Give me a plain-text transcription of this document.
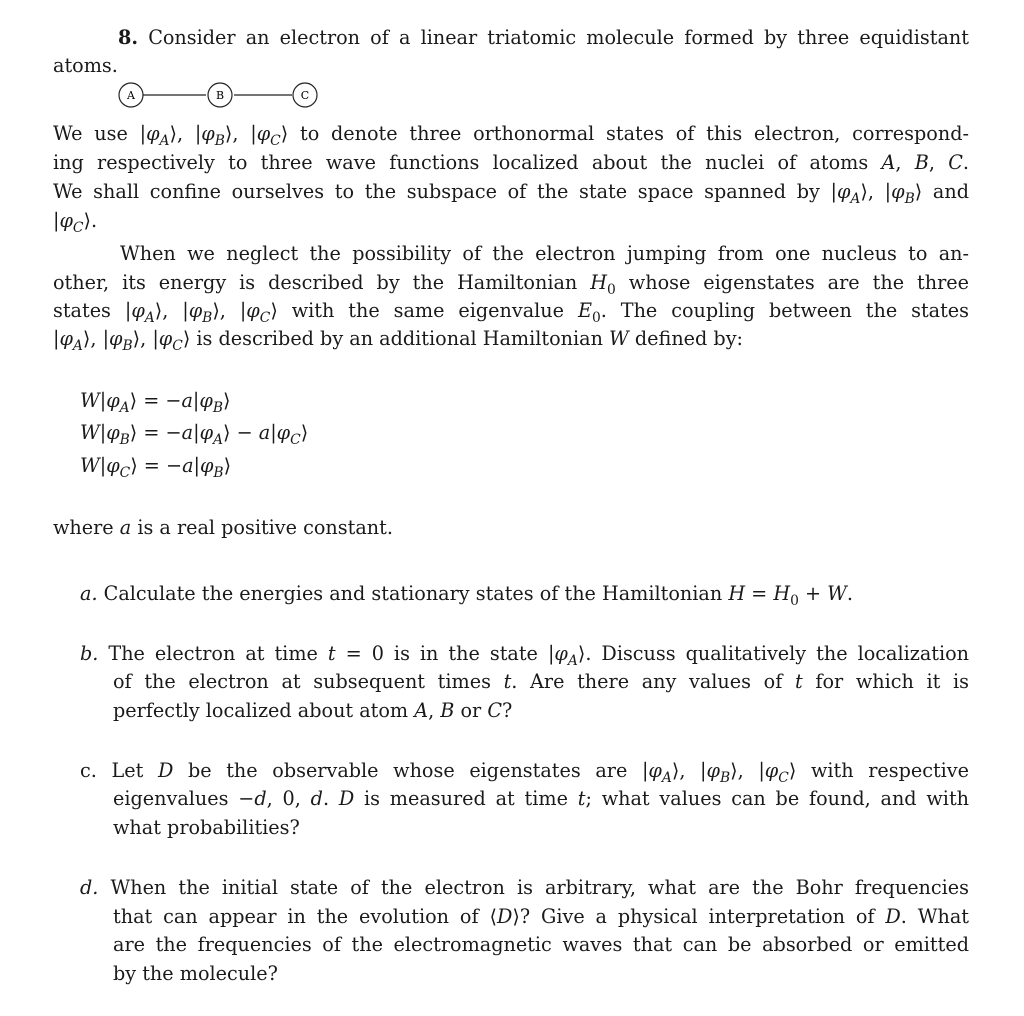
8. Consider an electron of a linear triatomic molecule formed by three equidistant
atoms.
A	B	C
We use $|\varphi_A⟩$, $|\varphi_B⟩$, $|\varphi_C⟩$ to denote three orthonormal states of this electron, correspond-
ing respectively to three wave functions localized about the nuclei of atoms A, B, C.
We shall confine ourselves to the subspace of the state space spanned by $|\varphi_A⟩$, $|\varphi_B⟩$ and
$|\varphi_C⟩$.
When we neglect the possibility of the electron jumping from one nucleus to an-
other, its energy is described by the Hamiltonian $H_0$ whose eigenstates are the three
states $|\varphi_A⟩$, $|\varphi_B⟩$, $|\varphi_C⟩$ with the same eigenvalue $E_0$. The coupling between the states
$|\varphi_A⟩$, $|\varphi_B⟩$, $|\varphi_C⟩$ is described by an additional Hamiltonian W defined by:
$W|\varphi_A⟩$ = $-a|\varphi_B⟩$
$W|\varphi_B⟩$ = $-a|\varphi_A⟩$ − $a|\varphi_C⟩$
$W|\varphi_C⟩$ = $-a|\varphi_B⟩$
where a is a real positive constant.
a. Calculate the energies and stationary states of the Hamiltonian $H = H_0 + W$.
b. The electron at time t = 0 is in the state $|\varphi_A⟩$. Discuss qualitatively the localization
of the electron at subsequent times t. Are there any values of t for which it is
perfectly localized about atom A, B or C?
c. Let D be the observable whose eigenstates are $|\varphi_A⟩$, $|\varphi_B⟩$, $|\varphi_C⟩$ with respective
eigenvalues −d, 0, d. D is measured at time t; what values can be found, and with
what probabilities?
d. When the initial state of the electron is arbitrary, what are the Bohr frequencies
that can appear in the evolution of ⟨D⟩? Give a physical interpretation of D. What
are the frequencies of the electromagnetic waves that can be absorbed or emitted
by the molecule?
